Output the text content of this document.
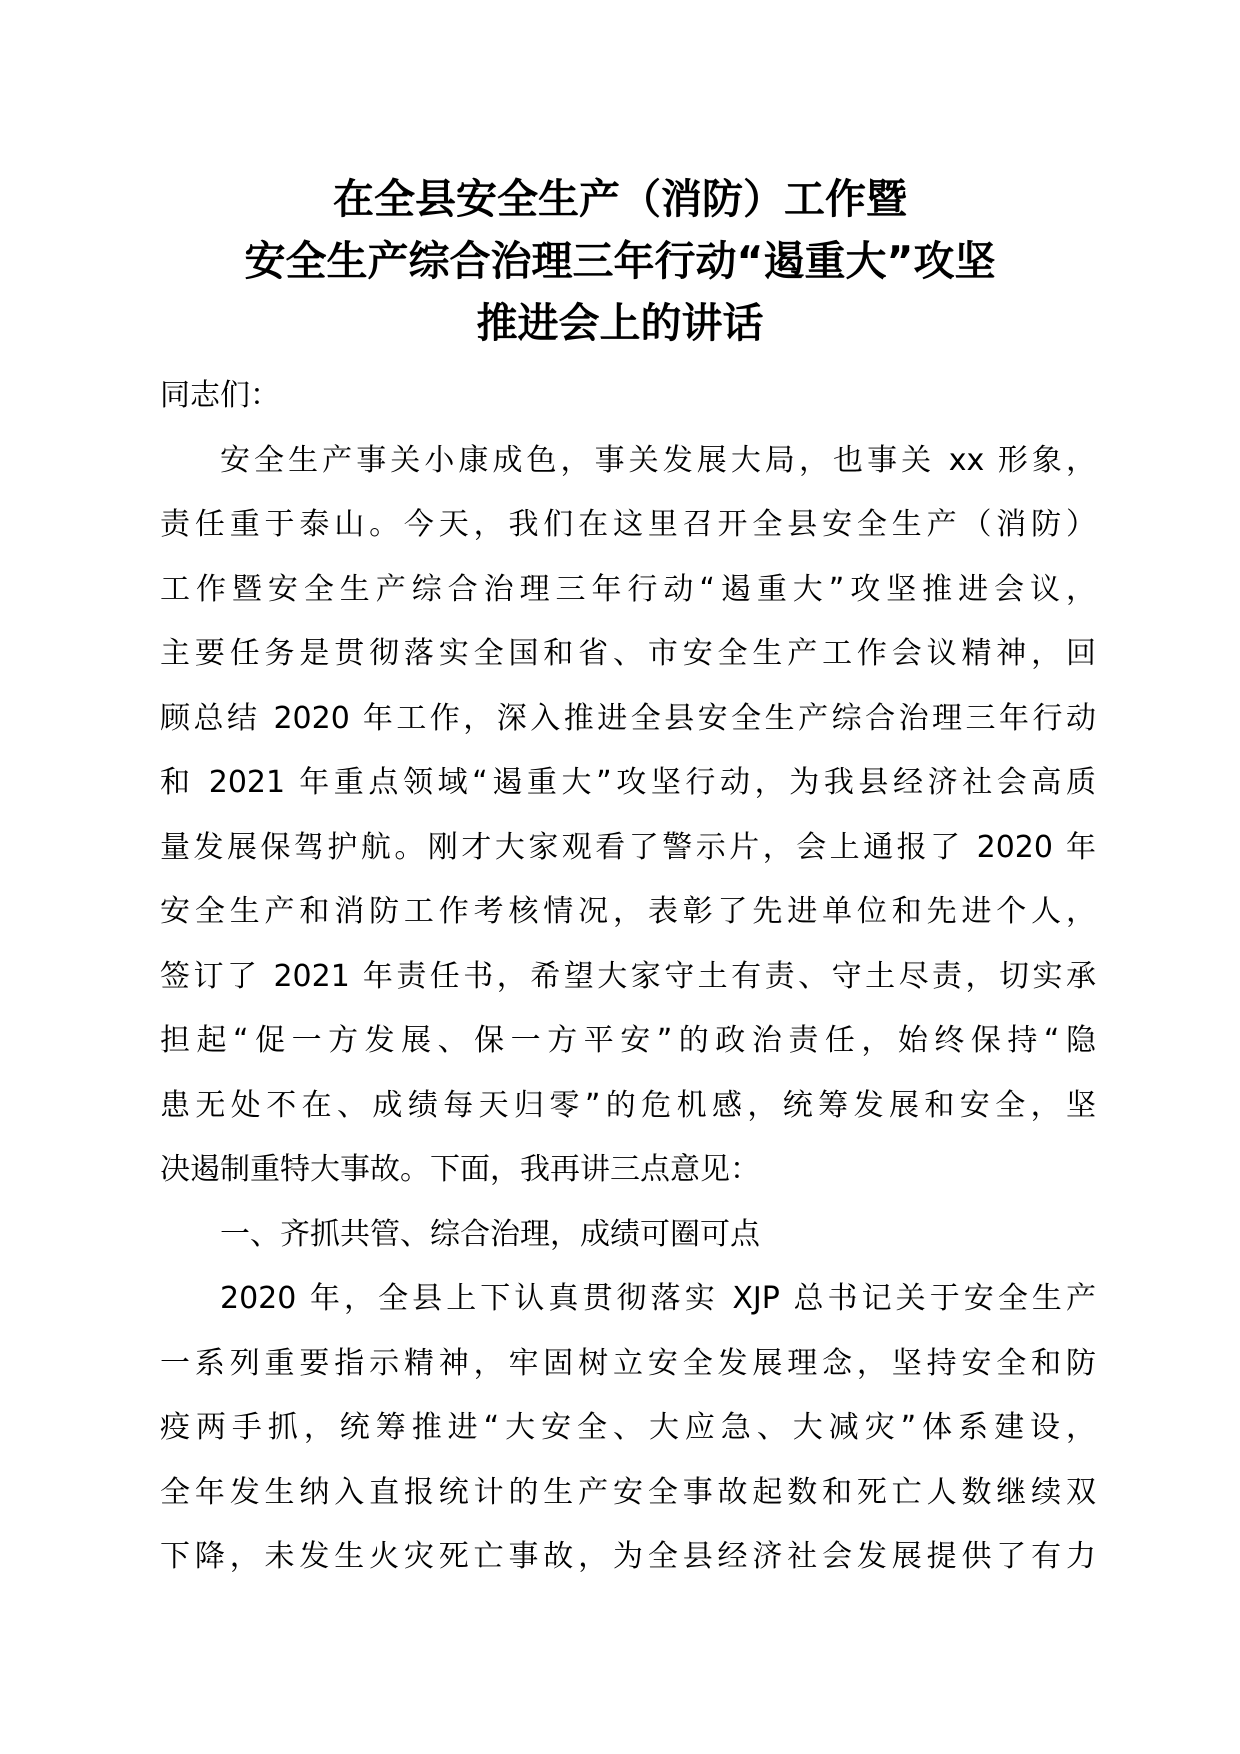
在全县安全生产（消防）工作暨
安全生产综合治理三年行动“遏重大”攻坚
推进会上的讲话

同志们：

安全生产事关小康成色，事关发展大局，也事关 xx 形象，
责任重于泰山。今天，我们在这里召开全县安全生产（消防）
工作暨安全生产综合治理三年行动“遏重大”攻坚推进会议，
主要任务是贯彻落实全国和省、市安全生产工作会议精神，回
顾总结 2020 年工作，深入推进全县安全生产综合治理三年行动
和 2021 年重点领域“遏重大”攻坚行动，为我县经济社会高质
量发展保驾护航。刚才大家观看了警示片，会上通报了 2020 年
安全生产和消防工作考核情况，表彰了先进单位和先进个人，
签订了 2021 年责任书，希望大家守土有责、守土尽责，切实承
担起“促一方发展、保一方平安”的政治责任，始终保持“隐
患无处不在、成绩每天归零”的危机感，统筹发展和安全，坚
决遏制重特大事故。下面，我再讲三点意见：

一、齐抓共管、综合治理，成绩可圈可点

2020 年，全县上下认真贯彻落实 XJP 总书记关于安全生产
一系列重要指示精神，牢固树立安全发展理念，坚持安全和防
疫两手抓，统筹推进“大安全、大应急、大减灾”体系建设，
全年发生纳入直报统计的生产安全事故起数和死亡人数继续双
下降，未发生火灾死亡事故，为全县经济社会发展提供了有力
